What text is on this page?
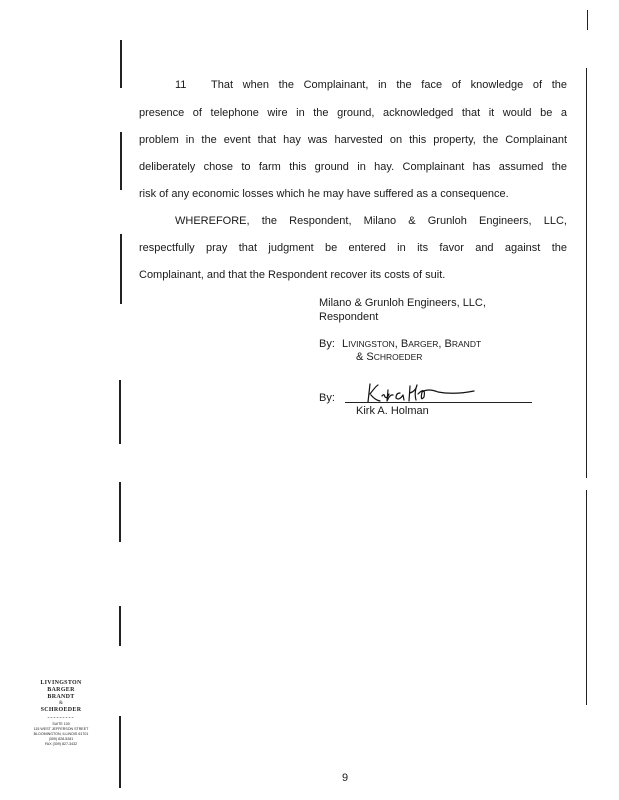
11 That when the Complainant, in the face of knowledge of the
presence of telephone wire in the ground, acknowledged that it would be a
problem in the event that hay was harvested on this property, the Complainant
deliberately chose to farm this ground in hay. Complainant has assumed the
risk of any economic losses which he may have suffered as a consequence.
WHEREFORE, the Respondent, Milano & Grunloh Engineers, LLC,
respectfully pray that judgment be entered in its favor and against the
Complainant, and that the Respondent recover its costs of suit.
Milano & Grunloh Engineers, LLC,
Respondent
By: LIVINGSTON, BARGER, BRANDT
& SCHROEDER
By:
Kirk A. Holman
LIVINGSTON
BARGER
BRANDT
&
SCHROEDER
---------
SUITE 100
115 WEST JEFFERSON STREET
BLOOMINGTON, ILLINOIS 61701
(309) 828-5281
FAX (309) 827-3432
9
